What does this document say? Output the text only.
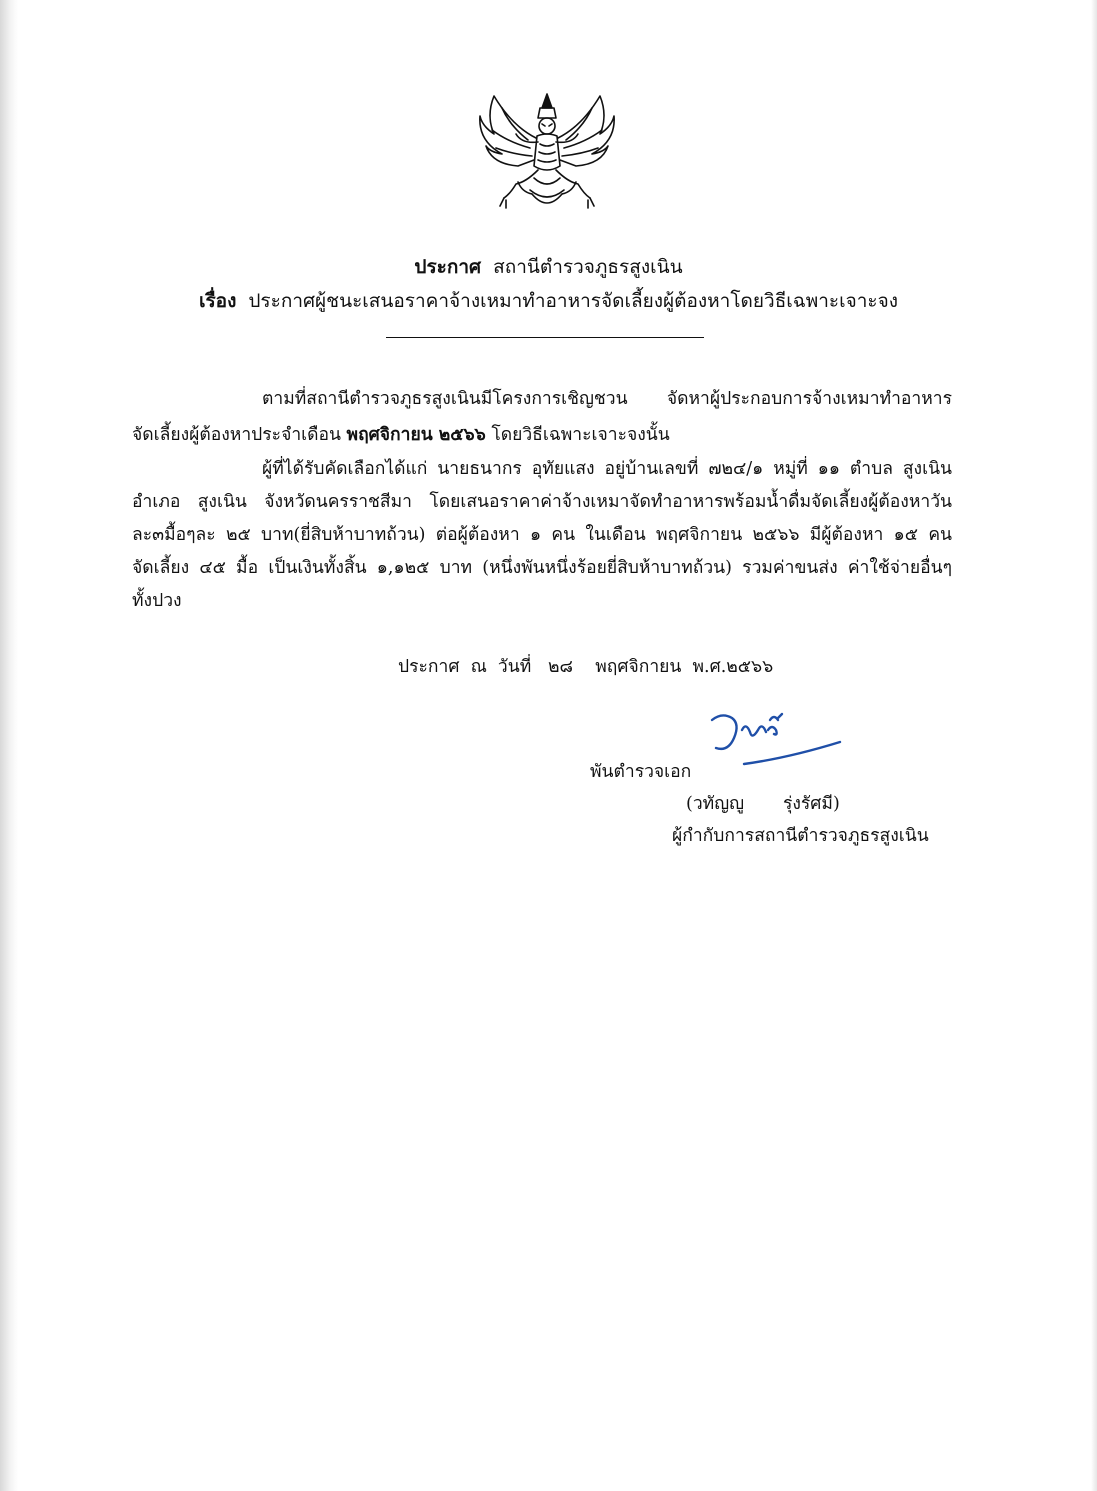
ประกาศ สถานีตำรวจภูธรสูงเนิน
เรื่อง ประกาศผู้ชนะเสนอราคาจ้างเหมาทำอาหารจัดเลี้ยงผู้ต้องหาโดยวิธีเฉพาะเจาะจง
ตามที่สถานีตำรวจภูธรสูงเนินมีโครงการเชิญชวน จัดหาผู้ประกอบการจ้างเหมาทำอาหาร
จัดเลี้ยงผู้ต้องหาประจำเดือน พฤศจิกายน ๒๕๖๖ โดยวิธีเฉพาะเจาะจงนั้น
ผู้ที่ได้รับคัดเลือกได้แก่ นายธนากร อุทัยแสง อยู่บ้านเลขที่ ๗๒๔/๑ หมู่ที่ ๑๑ ตำบล สูงเนิน
อำเภอ สูงเนิน จังหวัดนครราชสีมา โดยเสนอราคาค่าจ้างเหมาจัดทำอาหารพร้อมน้ำดื่มจัดเลี้ยงผู้ต้องหาวัน
ละ๓มื้อๆละ ๒๕ บาท(ยี่สิบห้าบาทถ้วน) ต่อผู้ต้องหา ๑ คน ในเดือน พฤศจิกายน ๒๕๖๖ มีผู้ต้องหา ๑๕ คน
จัดเลี้ยง ๔๕ มื้อ เป็นเงินทั้งสิ้น ๑,๑๒๕ บาท (หนึ่งพันหนึ่งร้อยยี่สิบห้าบาทถ้วน) รวมค่าขนส่ง ค่าใช้จ่ายอื่นๆ
ทั้งปวง
ประกาศ  ณ  วันที่   ๒๘    พฤศจิกายน  พ.ศ.๒๕๖๖
พันตำรวจเอก
(วทัญญู       รุ่งรัศมี)
ผู้กำกับการสถานีตำรวจภูธรสูงเนิน
